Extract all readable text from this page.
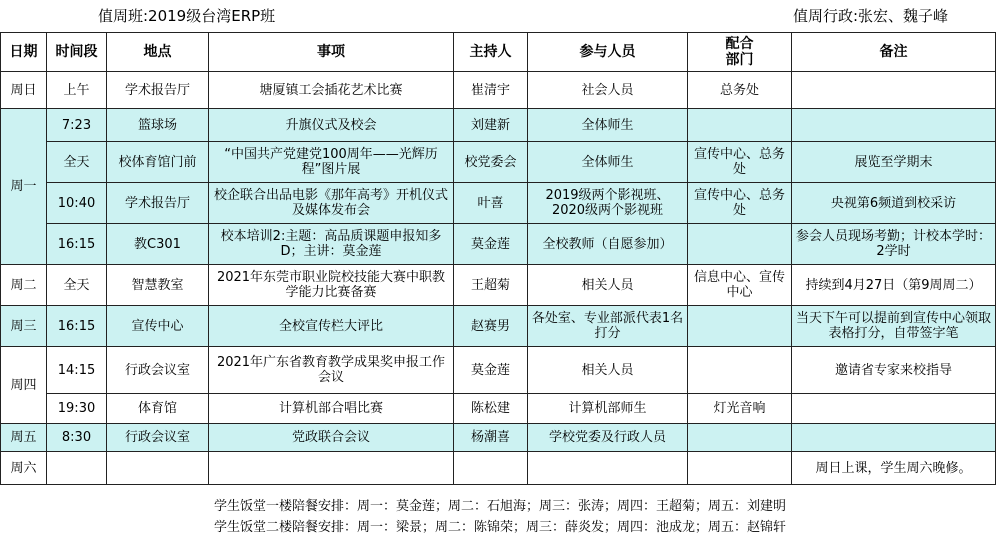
值周班:2019级台湾ERP班	值周行政:张宏、魏子峰
日期	时间段	地点	事项	主持人	参与人员	配合部门	备注
周日	上午	学术报告厅	塘厦镇工会插花艺术比赛	崔清宇	社会人员	总务处	
周一	7:23	篮球场	升旗仪式及校会	刘建新	全体师生		
	全天	校体育馆门前	“中国共产党建党100周年——光辉历程”图片展	校党委会	全体师生	宣传中心、总务处	展览至学期末
	10:40	学术报告厅	校企联合出品电影《那年高考》开机仪式及媒体发布会	叶喜	2019级两个影视班、2020级两个影视班	宣传中心、总务处	央视第6频道到校采访
	16:15	教C301	校本培训2:主题：高品质课题申报知多D；主讲：莫金莲	莫金莲	全校教师（自愿参加）		参会人员现场考勤；计校本学时：2学时
周二	全天	智慧教室	2021年东莞市职业院校技能大赛中职教学能力比赛备赛	王超菊	相关人员	信息中心、宣传中心	持续到4月27日（第9周周二）
周三	16:15	宣传中心	全校宣传栏大评比	赵赛男	各处室、专业部派代表1名打分		当天下午可以提前到宣传中心领取表格打分，自带签字笔
周四	14:15	行政会议室	2021年广东省教育教学成果奖申报工作会议	莫金莲	相关人员		邀请省专家来校指导
	19:30	体育馆	计算机部合唱比赛	陈松建	计算机部师生	灯光音响	
周五	8:30	行政会议室	党政联合会议	杨潮喜	学校党委及行政人员		
周六							周日上课，学生周六晚修。
学生饭堂一楼陪餐安排：周一：莫金莲；周二：石旭海；周三：张涛；周四：王超菊；周五：刘建明
学生饭堂二楼陪餐安排：周一：梁景；周二：陈锦荣；周三：薛炎发；周四：池成龙；周五：赵锦轩
